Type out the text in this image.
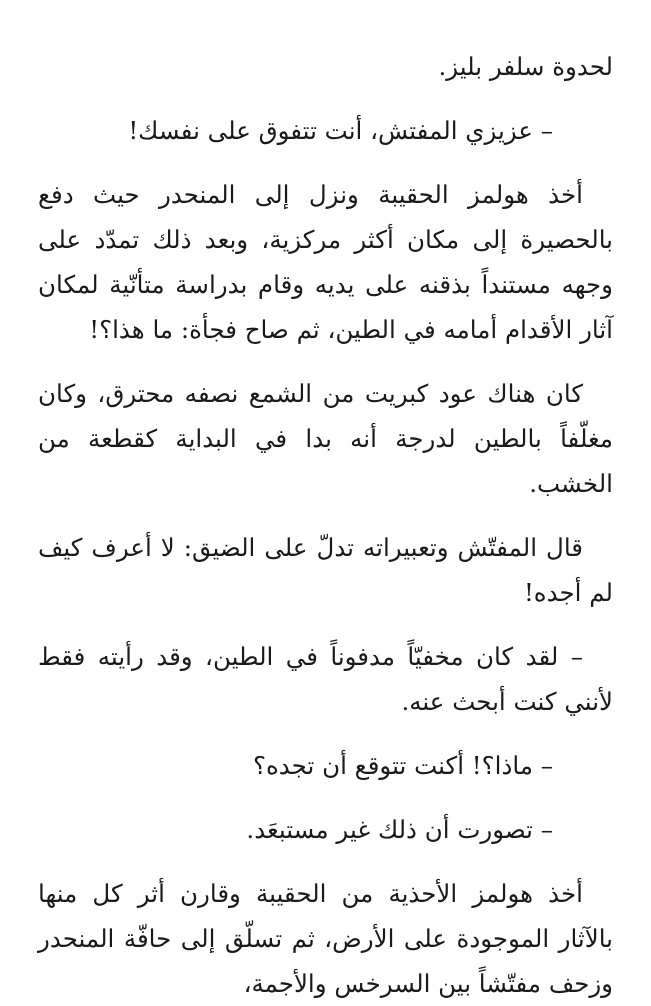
لحدوة سلفر بليز.

– عزيزي المفتش، أنت تتفوق على نفسك!

أخذ هولمز الحقيبة ونزل إلى المنحدر حيث دفع بالحصيرة إلى مكان أكثر مركزية، وبعد ذلك تمدّد على وجهه مستنداً بذقنه على يديه وقام بدراسة متأنّية لمكان آثار الأقدام أمامه في الطين، ثم صاح فجأة: ما هذا؟!

كان هناك عود كبريت من الشمع نصفه محترق، وكان مغلّفاً بالطين لدرجة أنه بدا في البداية كقطعة من الخشب.

قال المفتّش وتعبيراته تدلّ على الضيق: لا أعرف كيف لم أجده!

– لقد كان مخفيّاً مدفوناً في الطين، وقد رأيته فقط لأنني كنت أبحث عنه.

– ماذا؟! أكنت تتوقع أن تجده؟

– تصورت أن ذلك غير مستبعَد.

أخذ هولمز الأحذية من الحقيبة وقارن أثر كل منها بالآثار الموجودة على الأرض، ثم تسلّق إلى حافّة المنحدر وزحف مفتّشاً بين السرخس والأجمة،
